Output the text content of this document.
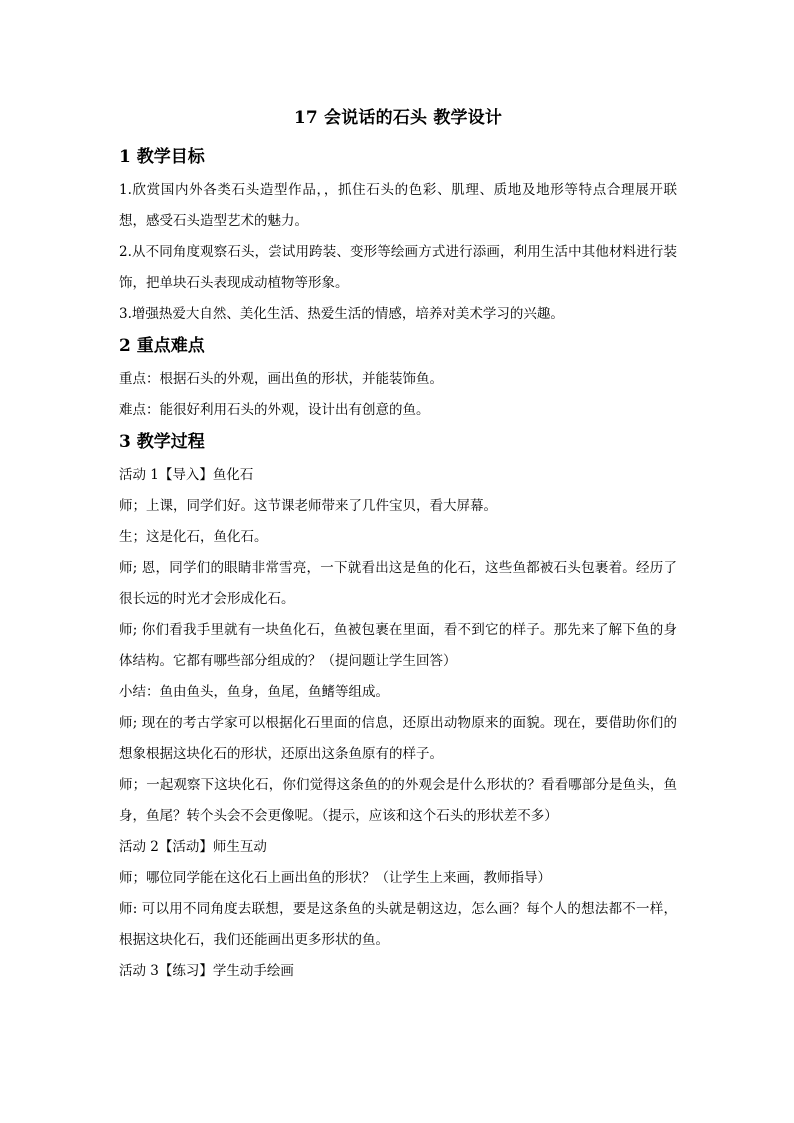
17 会说话的石头 教学设计
1 教学目标

1.欣赏国内外各类石头造型作品，，抓住石头的色彩、肌理、质地及地形等特点合理展开联想，感受石头造型艺术的魅力。

2.从不同角度观察石头，尝试用跨装、变形等绘画方式进行添画，利用生活中其他材料进行装饰，把单块石头表现成动植物等形象。

3.增强热爱大自然、美化生活、热爱生活的情感，培养对美术学习的兴趣。

2 重点难点

重点：根据石头的外观，画出鱼的形状，并能装饰鱼。

难点：能很好利用石头的外观，设计出有创意的鱼。

3 教学过程

活动 1【导入】鱼化石

师；上课，同学们好。这节课老师带来了几件宝贝，看大屏幕。

生；这是化石，鱼化石。

师; 恩，同学们的眼睛非常雪亮，一下就看出这是鱼的化石，这些鱼都被石头包裹着。经历了很长远的时光才会形成化石。

师; 你们看我手里就有一块鱼化石，鱼被包裹在里面，看不到它的样子。那先来了解下鱼的身体结构。它都有哪些部分组成的？（提问题让学生回答）

小结：鱼由鱼头，鱼身，鱼尾，鱼鳍等组成。

师; 现在的考古学家可以根据化石里面的信息，还原出动物原来的面貌。现在，要借助你们的想象根据这块化石的形状，还原出这条鱼原有的样子。

师；一起观察下这块化石，你们觉得这条鱼的的外观会是什么形状的？看看哪部分是鱼头，鱼身，鱼尾？转个头会不会更像呢。（提示，应该和这个石头的形状差不多）

活动 2【活动】师生互动

师；哪位同学能在这化石上画出鱼的形状？（让学生上来画，教师指导）

师: 可以用不同角度去联想，要是这条鱼的头就是朝这边，怎么画？每个人的想法都不一样，根据这块化石，我们还能画出更多形状的鱼。

活动 3【练习】学生动手绘画
